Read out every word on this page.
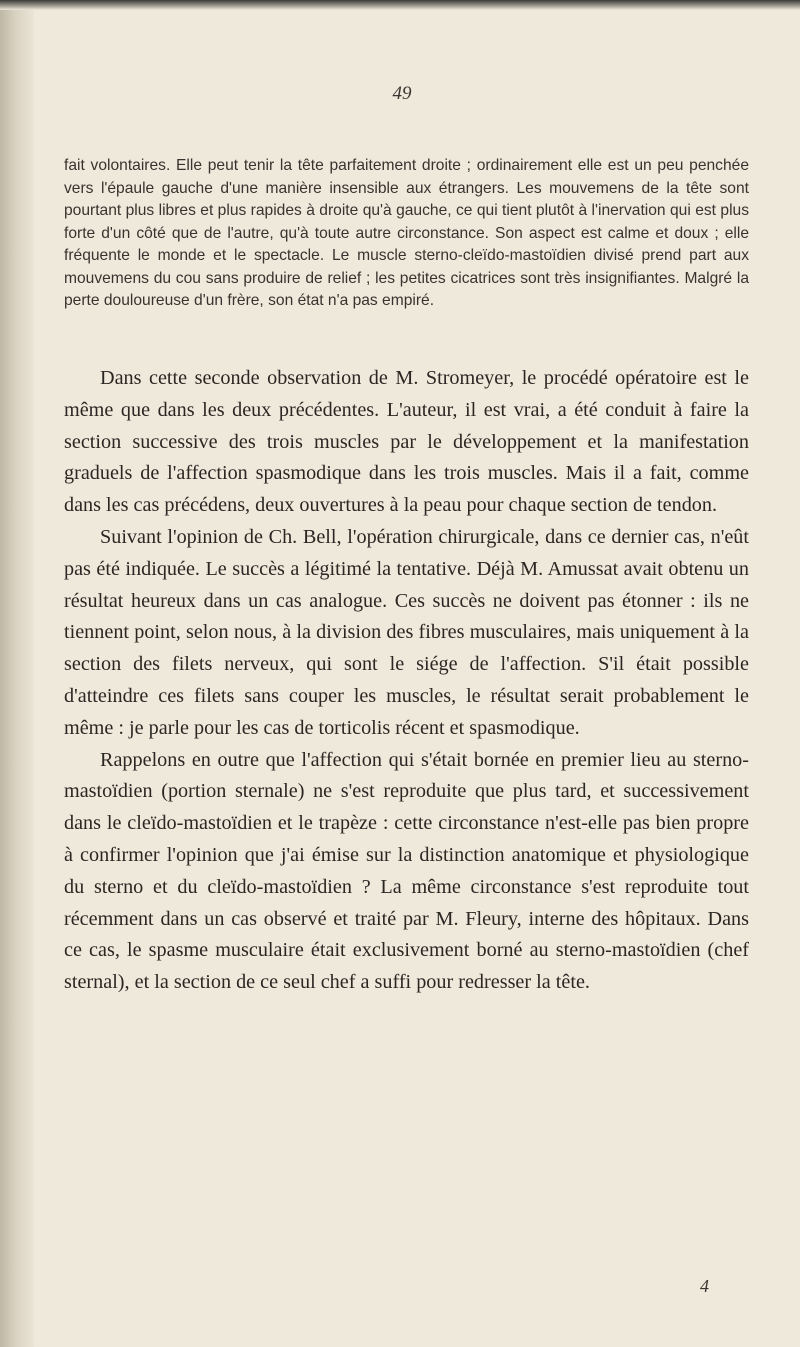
49

fait volontaires. Elle peut tenir la tête parfaitement droite ; ordinairement elle est un peu penchée vers l'épaule gauche d'une manière insensible aux étrangers. Les mouvemens de la tête sont pourtant plus libres et plus rapides à droite qu'à gauche, ce qui tient plutôt à l'inervation qui est plus forte d'un côté que de l'autre, qu'à toute autre circonstance. Son aspect est calme et doux ; elle fréquente le monde et le spectacle. Le muscle sterno-cleïdo-mastoïdien divisé prend part aux mouvemens du cou sans produire de relief ; les petites cicatrices sont très insignifiantes. Malgré la perte douloureuse d'un frère, son état n'a pas empiré.

Dans cette seconde observation de M. Stromeyer, le procédé opératoire est le même que dans les deux précédentes. L'auteur, il est vrai, a été conduit à faire la section successive des trois muscles par le développement et la manifestation graduels de l'affection spasmodique dans les trois muscles. Mais il a fait, comme dans les cas précédens, deux ouvertures à la peau pour chaque section de tendon.

Suivant l'opinion de Ch. Bell, l'opération chirurgicale, dans ce dernier cas, n'eût pas été indiquée. Le succès a légitimé la tentative. Déjà M. Amussat avait obtenu un résultat heureux dans un cas analogue. Ces succès ne doivent pas étonner : ils ne tiennent point, selon nous, à la division des fibres musculaires, mais uniquement à la section des filets nerveux, qui sont le siége de l'affection. S'il était possible d'atteindre ces filets sans couper les muscles, le résultat serait probablement le même : je parle pour les cas de torticolis récent et spasmodique.

Rappelons en outre que l'affection qui s'était bornée en premier lieu au sterno-mastoïdien (portion sternale) ne s'est reproduite que plus tard, et successivement dans le cleïdo-mastoïdien et le trapèze : cette circonstance n'est-elle pas bien propre à confirmer l'opinion que j'ai émise sur la distinction anatomique et physiologique du sterno et du cleïdo-mastoïdien ? La même circonstance s'est reproduite tout récemment dans un cas observé et traité par M. Fleury, interne des hôpitaux. Dans ce cas, le spasme musculaire était exclusivement borné au sterno-mastoïdien (chef sternal), et la section de ce seul chef a suffi pour redresser la tête.

4
